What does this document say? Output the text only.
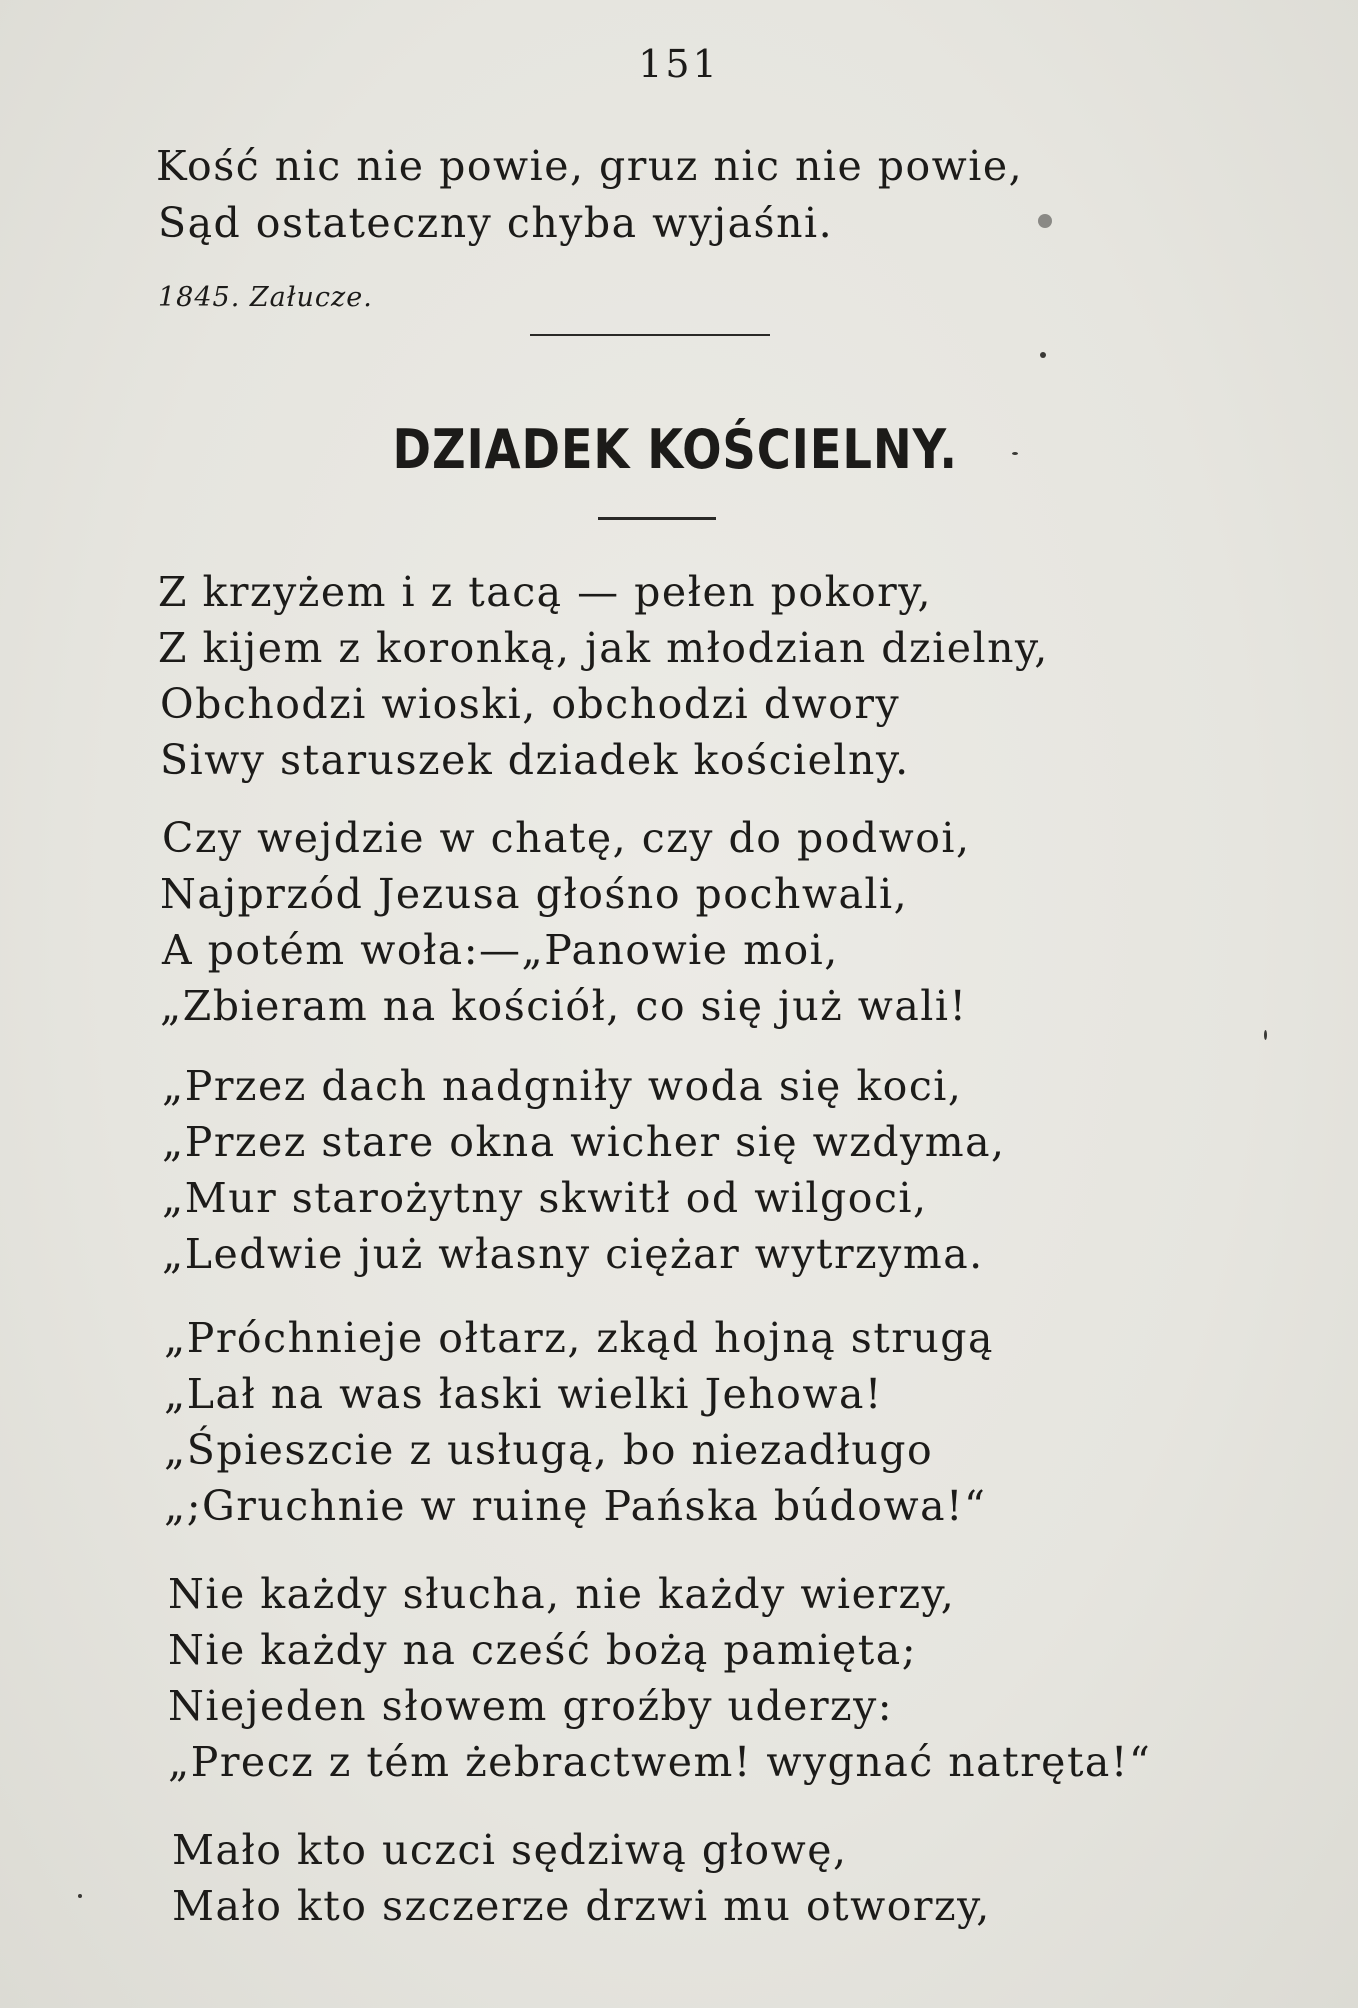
151
Kość nic nie powie, gruz nic nie powie,
Sąd ostateczny chyba wyjaśni.
1845. Załucze.
DZIADEK KOŚCIELNY.
Z krzyżem i z tacą — pełen pokory,
Z kijem z koronką, jak młodzian dzielny,
Obchodzi wioski, obchodzi dwory
Siwy staruszek dziadek kościelny.
Czy wejdzie w chatę, czy do podwoi,
Najprzód Jezusa głośno pochwali,
A potém woła:—„Panowie moi,
„Zbieram na kościół, co się już wali!
„Przez dach nadgniły woda się koci,
„Przez stare okna wicher się wzdyma,
„Mur starożytny skwitł od wilgoci,
„Ledwie już własny ciężar wytrzyma.
„Próchnieje ołtarz, zkąd hojną strugą
„Lał na was łaski wielki Jehowa!
„Śpieszcie z usługą, bo niezadługo
„;Gruchnie w ruinę Pańska búdowa!“
Nie każdy słucha, nie każdy wierzy,
Nie każdy na cześć bożą pamięta;
Niejeden słowem groźby uderzy:
„Precz z tém żebractwem! wygnać natręta!“
Mało kto uczci sędziwą głowę,
Mało kto szczerze drzwi mu otworzy,
